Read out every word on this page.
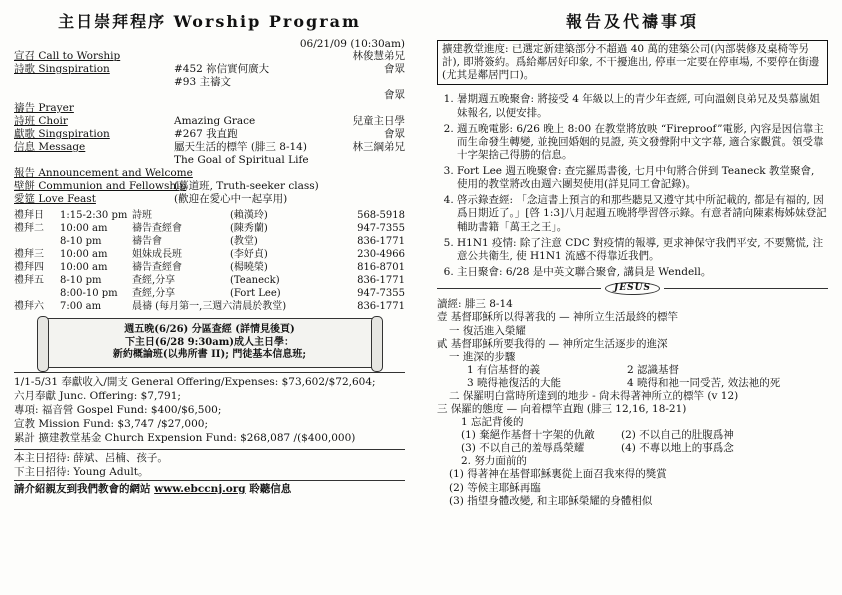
主日崇拜程序 Worship Program
06/21/09 (10:30am)
宣召 Call to Worship	林俊慧弟兄
詩歌 Singspiration	#452 祢信實何廣大	會眾
#93 主禱文
會眾
禱告 Prayer
詩班 Choir	Amazing Grace	兒童主日學
獻歌 Singspiration	#267 我直跑	會眾
信息 Message	屬天生活的標竿 (腓三 8-14)	林三綱弟兄
The Goal of Spiritual Life
報告 Announcement and Welcome
壁餅 Communion and Fellowship
(慕道班, Truth-seeker class)
愛筵 Love Feast	(歡迎在愛心中一起享用)
禮拜日 1:15-2:30 pm 詩班	(賴漢玲)	568-5918
禮拜二 10:00 am 禱告查經會	(陳秀蘭)	947-7355
8-10 pm	禱告會	(教堂)	836-1771
禮拜三 10:00 am 姐妹成長班	(李妤貞)	230-4966
禮拜四 10:00 am 禱告查經會	(楊曉榮)	816-8701
禮拜五 8-10 pm	查經,分享	(Teaneck)	836-1771
8:00-10 pm 查經,分享	(Fort Lee)	947-7355
禮拜六 7:00 am	晨禱 (每月第一,三週六清晨於教堂)	836-1771
週五晚(6/26) 分區查經 (詳情見後頁)
下主日(6/28 9:30am)成人主日學：
新約概論班(以弗所書 II); 門徒基本信息班;
1/1-5/31 奉獻收入/開支 General Offering/Expenses: $73,602/$72,604;
六月奉獻 Junc. Offering: $7,791;
專項: 福音營 Gospel Fund: $400/$6,500;
宣教 Mission Fund: $3,747 /$27,000;
累計 擴建教堂基金 Church Expension Fund: $268,087 /($400,000)
本主日招待: 薛斌、呂楠、孩子。
下主日招待: Young Adult。
請介紹親友到我們教會的網站 www.ebccnj.org 聆聽信息
報告及代禱事項
擴建教堂進度: 已選定新建築部分不超過 40 萬的建築公司(內部裝修及桌椅等另計), 即將簽約。爲給鄰居好印象, 不干擾進出, 停車一定要在停車場, 不要停在街邊(尤其是鄰居門口)。
1. 暑期週五晚聚會: 將接受 4 年級以上的青少年查經, 可向溫劍良弟兄及吳慕嵐姐妹報名, 以便安排。
2. 週五晚電影: 6/26 晚上 8:00 在教堂將放映 “Fireproof”電影, 內容是因信靠主而生命發生轉變, 並挽回婚姻的見證, 英文發聲附中文字幕, 適合家觀賞。領受靠十字架捨己得勝的信息。
3. Fort Lee 週五晚聚會: 查完羅馬書後, 七月中旬將合併到 Teaneck 教堂聚會, 使用的教堂將改由週六團契使用(詳見同工會記錄)。
4. 啓示錄查經: 「念這書上預言的和那些聽見又遵守其中所記載的, 都是有福的, 因爲日期近了。」[啓 1:3]八月起週五晚將學習啓示錄。有意者請向陳素梅姊妹登記輔助書籍「萬王之王」。
5. H1N1 疫情: 除了注意 CDC 對疫情的報導, 更求神保守我們平安, 不要驚慌, 注意公共衛生, 使 H1N1 流感不得靠近我們。
6. 主日聚會: 6/28 是中英文聯合聚會, 講員是 Wendell。
JESUS
讀經: 腓三 8-14
壹 基督耶穌所以得著我的 — 神所立生活最終的標竿
一 復活進入榮耀
貳 基督耶穌所要我得的 — 神所定生活逐步的進深
一 進深的步驟
1 有信基督的義	2 認識基督
3 曉得祂復活的大能	4 曉得和祂一同受苦, 效法祂的死
二 保羅明白當時所達到的地步 - 尙未得著神所立的標竿 (v 12)
三 保羅的態度 — 向着標竿直跑 (腓三 12,16, 18-21)
1 忘記背後的
(1) 棄絕作基督十字架的仇敵	(2) 不以自己的肚腹爲神
(3) 不以自己的羞辱爲榮耀	(4) 不專以地上的事爲念
2. 努力面前的
(1) 得著神在基督耶穌裏從上面召我來得的獎賞
(2) 等候主耶穌再臨
(3) 指望身體改變, 和主耶穌榮耀的身體相似
